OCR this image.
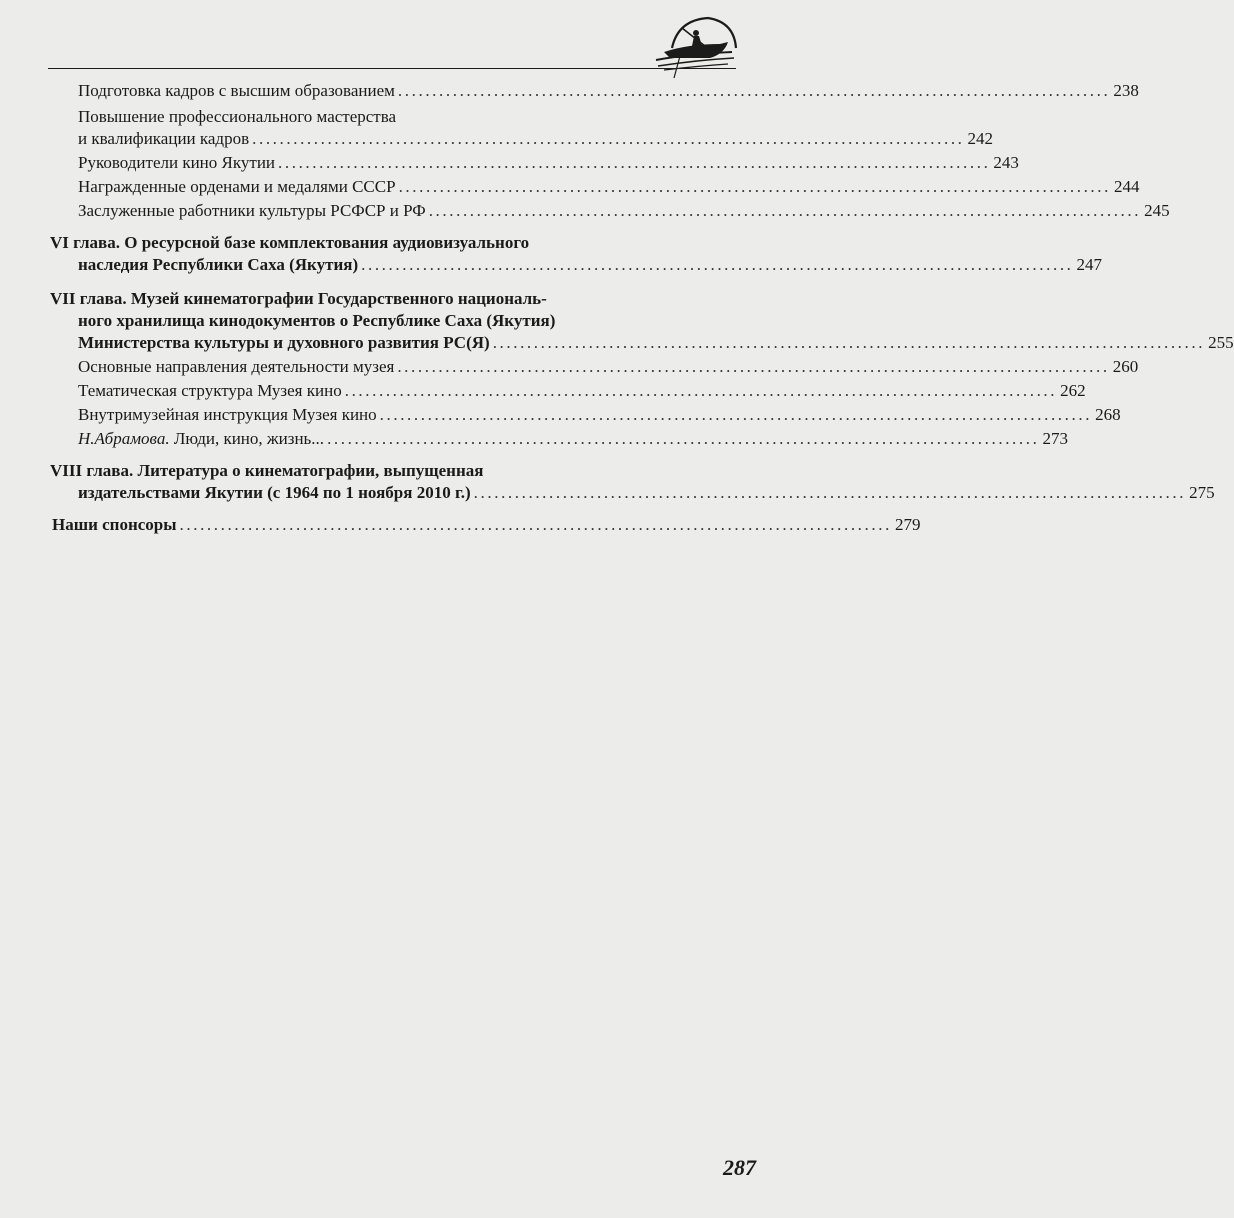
Подготовка кадров с высшим образованием ........................................................................................................ 238
Повышение профессионального мастерства
и квалификации кадров ........................................................................................................ 242
Руководители кино Якутии ........................................................................................................ 243
Награжденные орденами и медалями СССР ........................................................................................................ 244
Заслуженные работники культуры РСФСР и РФ ........................................................................................................ 245
VI глава. О ресурсной базе комплектования аудиовизуального
наследия Республики Саха (Якутия) ........................................................................................................ 247
VII глава. Музей кинематографии Государственного националь-
ного хранилища кинодокументов о Республике Саха (Якутия)
Министерства культуры и духовного развития РС(Я) ........................................................................................................ 255
Основные направления деятельности музея ........................................................................................................ 260
Тематическая структура Музея кино ........................................................................................................ 262
Внутримузейная инструкция Музея кино ........................................................................................................ 268
Н.Абрамова. Люди, кино, жизнь... ........................................................................................................ 273
VIII глава. Литература о кинематографии, выпущенная
издательствами Якутии (с 1964 по 1 ноября 2010 г.) ........................................................................................................ 275
Наши спонсоры ........................................................................................................ 279
287
